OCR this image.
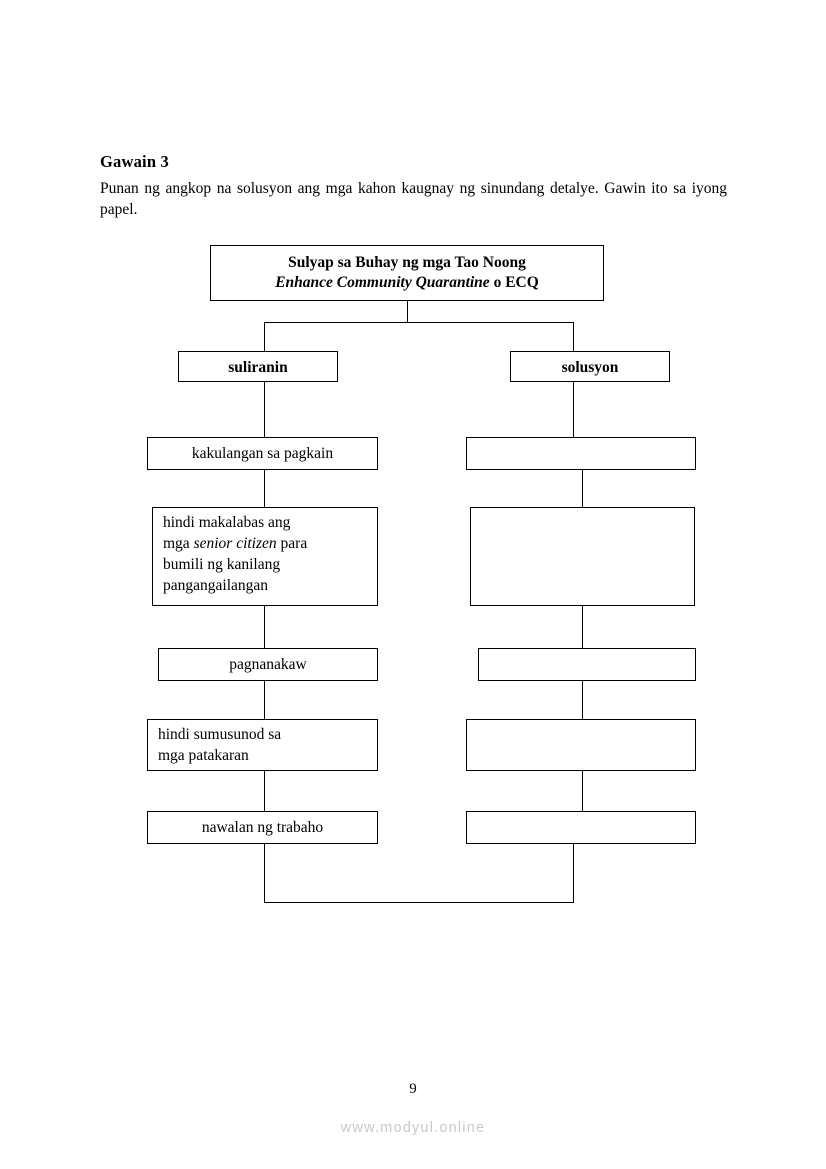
Gawain 3
Punan ng angkop na solusyon ang mga kahon kaugnay ng sinundang detalye. Gawin ito sa iyong papel.
Sulyap sa Buhay ng mga Tao Noong
Enhance Community Quarantine o ECQ
suliranin	solusyon
kakulangan sa pagkain
hindi makalabas ang
mga senior citizen para
bumili ng kanilang
pangangailangan
pagnanakaw
hindi sumusunod sa
mga patakaran
nawalan ng trabaho
9
www.modyul.online
